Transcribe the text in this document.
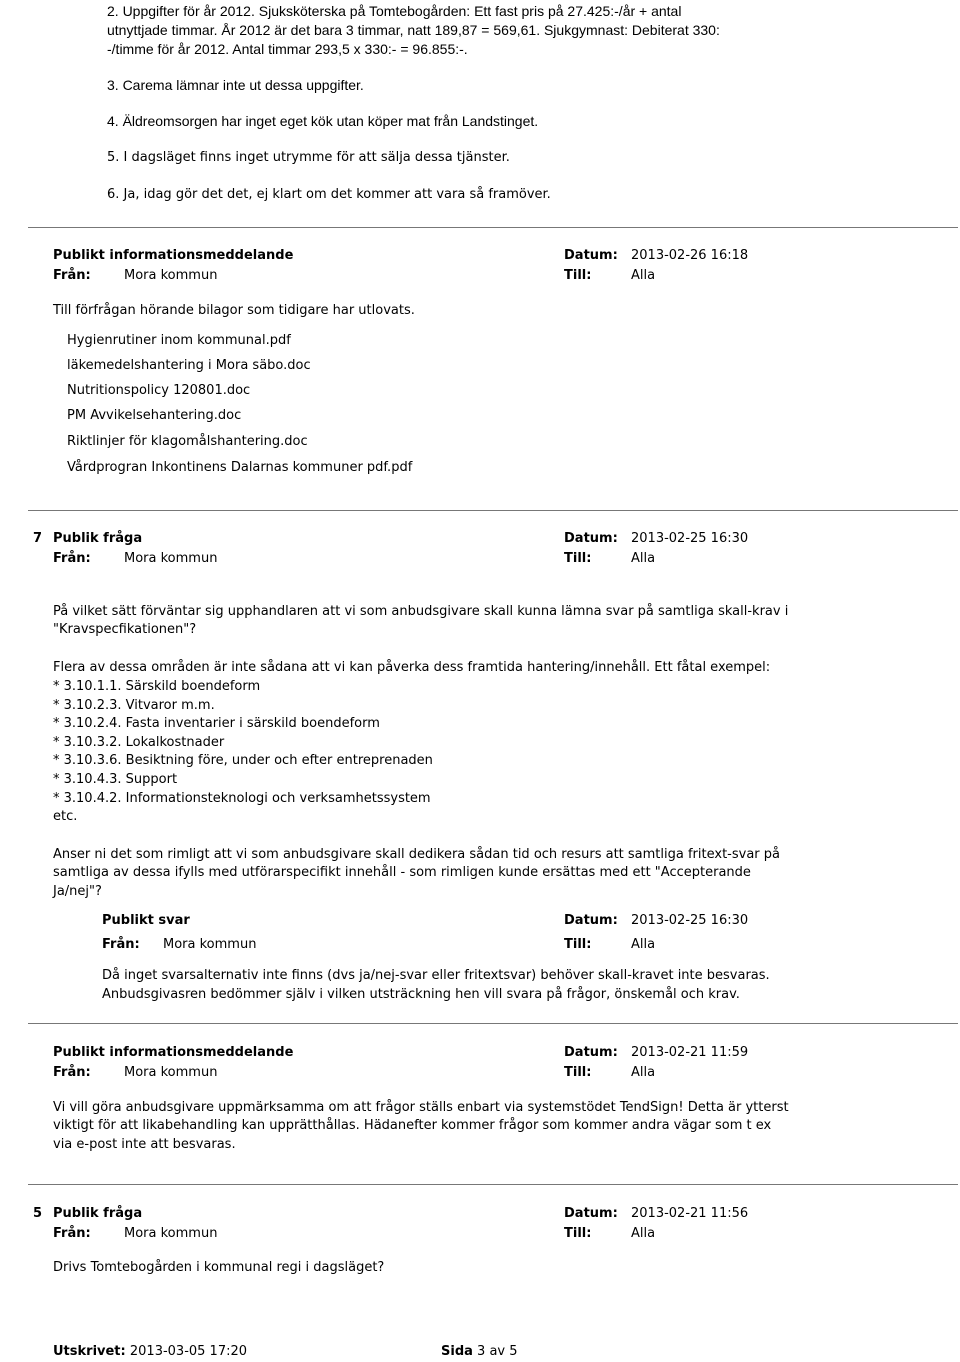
2. Uppgifter för år 2012. Sjuksköterska på Tomtebogården: Ett fast pris på 27.425:-/år + antal
utnyttjade timmar. År 2012 är det bara 3 timmar, natt 189,87 = 569,61. Sjukgymnast: Debiterat 330:
-/timme för år 2012. Antal timmar 293,5 x 330:- = 96.855:-.
3. Carema lämnar inte ut dessa uppgifter.
4. Äldreomsorgen har inget eget kök utan köper mat från Landstinget.
5. I dagsläget finns inget utrymme för att sälja dessa tjänster.
6. Ja, idag gör det det, ej klart om det kommer att vara så framöver.
Publikt informationsmeddelande	Datum: 2013-02-26 16:18
Från:	Mora kommun	Till:	Alla
Till förfrågan hörande bilagor som tidigare har utlovats.
Hygienrutiner inom kommunal.pdf
läkemedelshantering i Mora säbo.doc
Nutritionspolicy 120801.doc
PM Avvikelsehantering.doc
Riktlinjer för klagomålshantering.doc
Vårdprogran Inkontinens Dalarnas kommuner pdf.pdf
7 Publik fråga	Datum: 2013-02-25 16:30
Från:	Mora kommun	Till:	Alla
På vilket sätt förväntar sig upphandlaren att vi som anbudsgivare skall kunna lämna svar på samtliga skall-krav i
"Kravspecfikationen"?
Flera av dessa områden är inte sådana att vi kan påverka dess framtida hantering/innehåll. Ett fåtal exempel:
* 3.10.1.1. Särskild boendeform
* 3.10.2.3. Vitvaror m.m.
* 3.10.2.4. Fasta inventarier i särskild boendeform
* 3.10.3.2. Lokalkostnader
* 3.10.3.6. Besiktning före, under och efter entreprenaden
* 3.10.4.3. Support
* 3.10.4.2. Informationsteknologi och verksamhetssystem
etc.
Anser ni det som rimligt att vi som anbudsgivare skall dedikera sådan tid och resurs att samtliga fritext-svar på
samtliga av dessa ifylls med utförarspecifikt innehåll - som rimligen kunde ersättas med ett "Accepterande
Ja/nej"?
Publikt svar	Datum: 2013-02-25 16:30
Från: Mora kommun	Till:	Alla
Då inget svarsalternativ inte finns (dvs ja/nej-svar eller fritextsvar) behöver skall-kravet inte besvaras.
Anbudsgivasren bedömmer själv i vilken utsträckning hen vill svara på frågor, önskemål och krav.
Publikt informationsmeddelande	Datum: 2013-02-21 11:59
Från:	Mora kommun	Till:	Alla
Vi vill göra anbudsgivare uppmärksamma om att frågor ställs enbart via systemstödet TendSign! Detta är ytterst
viktigt för att likabehandling kan upprätthållas. Hädanefter kommer frågor som kommer andra vägar som t ex
via e-post inte att besvaras.
5 Publik fråga	Datum: 2013-02-21 11:56
Från:	Mora kommun	Till:	Alla
Drivs Tomtebogården i kommunal regi i dagsläget?
Utskrivet: 2013-03-05 17:20	Sida 3 av 5
